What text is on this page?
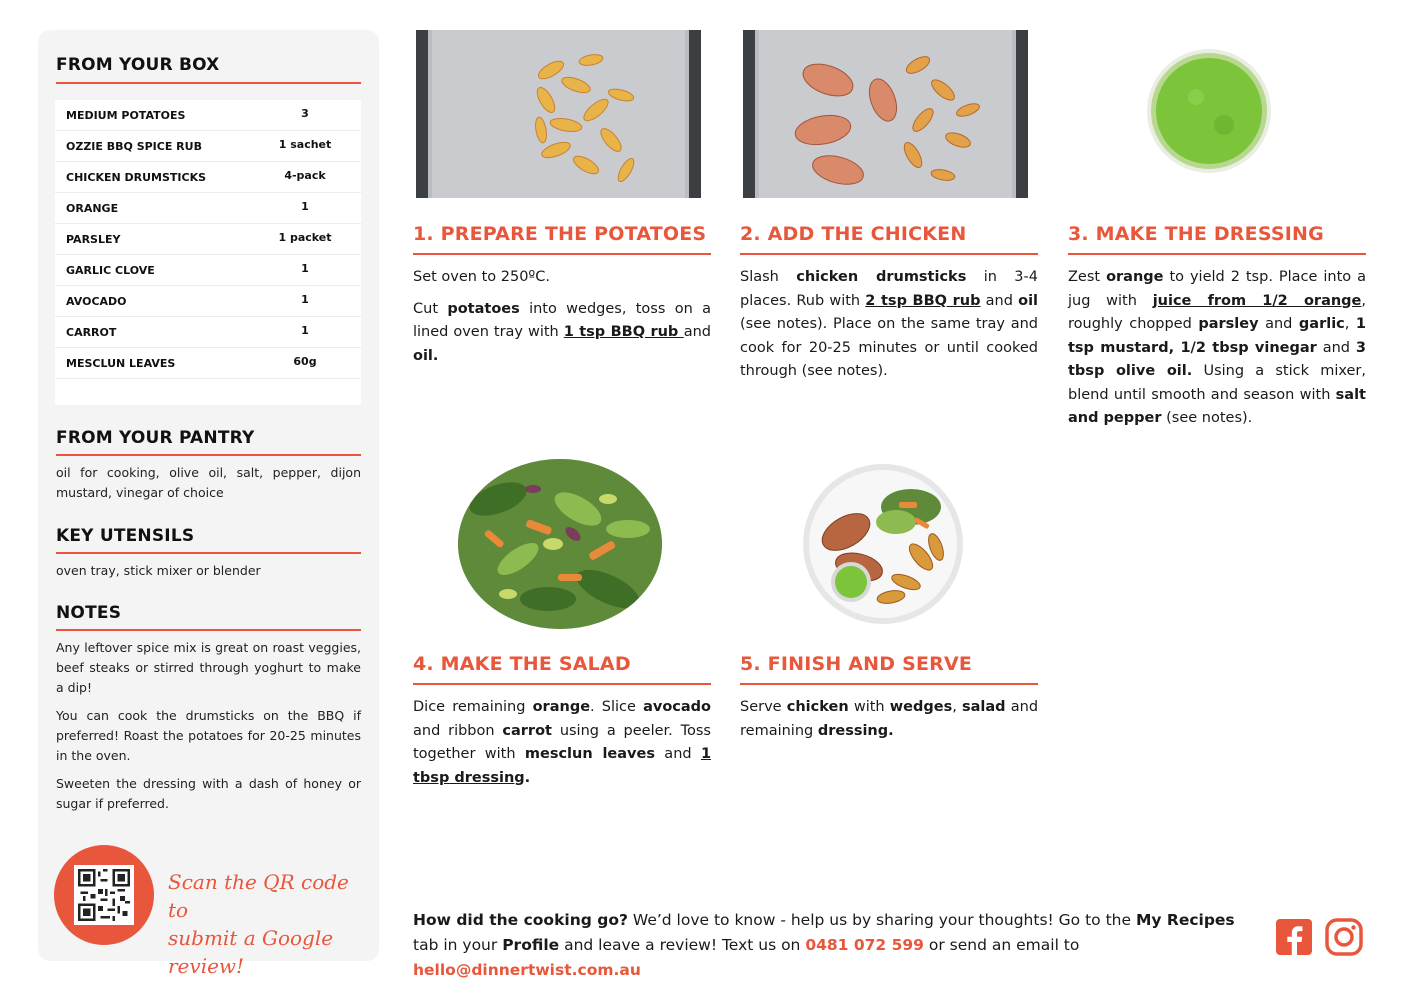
FROM YOUR BOX
MEDIUM POTATOES	3
OZZIE BBQ SPICE RUB	1 sachet
CHICKEN DRUMSTICKS	4-pack
ORANGE	1
PARSLEY	1 packet
GARLIC CLOVE	1
AVOCADO	1
CARROT	1
MESCLUN LEAVES	60g
FROM YOUR PANTRY
oil for cooking, olive oil, salt, pepper, dijon mustard, vinegar of choice
KEY UTENSILS
oven tray, stick mixer or blender
NOTES

Any leftover spice mix is great on roast veggies, beef steaks or stirred through yoghurt to make a dip!

You can cook the drumsticks on the BBQ if preferred! Roast the potatoes for 20-25 minutes in the oven.

Sweeten the dressing with a dash of honey or sugar if preferred.

Scan the QR code to
submit a Google review!
1. PREPARE THE POTATOES

Set oven to 250ºC.

Cut potatoes into wedges, toss on a lined oven tray with 1 tsp BBQ rub and oil.

2. ADD THE CHICKEN

Slash chicken drumsticks in 3-4 places. Rub with 2 tsp BBQ rub and oil (see notes). Place on the same tray and cook for 20-25 minutes or until cooked through (see notes).

3. MAKE THE DRESSING

Zest orange to yield 2 tsp. Place into a jug with juice from 1/2 orange, roughly chopped parsley and garlic, 1 tsp mustard, 1/2 tbsp vinegar and 3 tbsp olive oil. Using a stick mixer, blend until smooth and season with salt and pepper (see notes).

4. MAKE THE SALAD

Dice remaining orange. Slice avocado and ribbon carrot using a peeler. Toss together with mesclun leaves and 1 tbsp dressing.

5. FINISH AND SERVE

Serve chicken with wedges, salad and remaining dressing.

How did the cooking go? We’d love to know - help us by sharing your thoughts! Go to the My Recipes tab in your Profile and leave a review! Text us on 0481 072 599 or send an email to hello@dinnertwist.com.au
